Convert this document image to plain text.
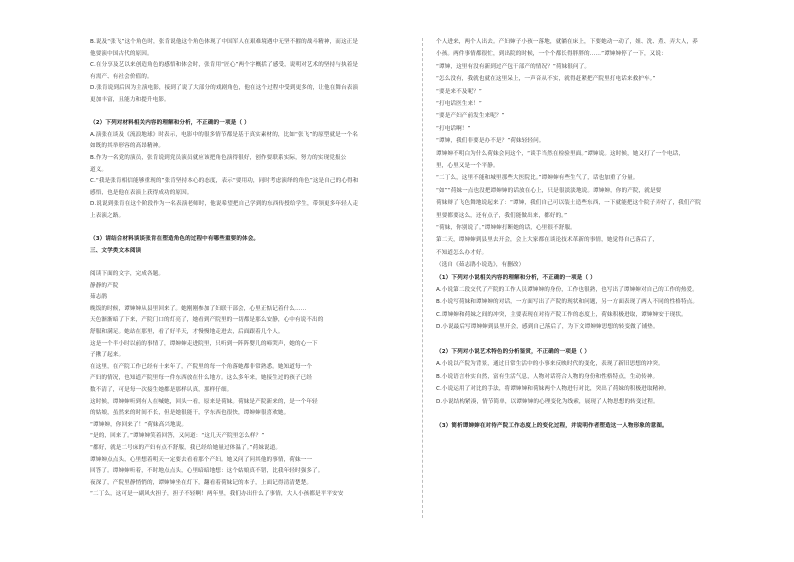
B.说及“张飞”这个角色时，张肯说他这个角色体现了中国军人在艰难境遇中无坚不摧的战斗精神，而这正是
他要演中国古代的原因。
C.在分享及艺以来创造角色的感悟和体会时，张肯用“匠心”两个字概括了感受，说明对艺术的坚持与执着是
有需产、有社会价值的。
D.张肯说到后因为主演电影，接到了说了大部分的戏剧角色，他在这个过程中受到更多的，让他在舞台表演
更加丰富，且能力和提升电影。
（2）下列对材料相关内容的理解和分析，不正确的一项是（ ）
A.演张在谈及《流浪地球》时表示，电影中的很多情节都是基于真实素材的，比如“张飞”的原型就是一个名
如既的其举形容的高昂精神。
B.作为一名党的演员，张肯说到党员演员就应该把角色演得很好，创作要联系实际，努力的实现党报公
道义。
C.“我是张肯相信能够重现的”张肯坚持本心的态度，表示“要用功，同时考虑演绎的角色”这是自己的心得和
感悟，也是他在表演上获得成功的原因。
D.说说到张肯在这个阶段作为一名表演老师时，他说希望把自己学到的东西传授给学生，带领更多年轻人走
上表演之路。
（3）请结合材料谈谈张肯在塑造角色的过程中有哪些重要的体会。
三、文学类文本阅读
阅读下面的文字，完成各题。
静静的产院
茹志鹃
晚饭的时候，谭婶婶从县里回来了。她刚刚参加了妇联干部会，心里正惦记着什么……
天色渐渐暗了下来，产院门口的灯亮了，她看到产院里的一切都是那么安静，心中有说不出的
舒服和满足。她站在那里，看了好半天，才慢慢地走进去，后面跟着几个人。
这是一个半小时以前的事情了，谭婶婶走进院里，只听到一阵阵婴儿的啼哭声，她的心一下
子揪了起来。
在这里，在产院工作已经有十来年了，产院里的每一个角落她都非常熟悉。她知道每一个
产妇的情况，也知道产院里每一件东西放在什么地方。这么多年来，她接生过的孩子已经
数不清了，可是每一次接生她都是那样认真，那样仔细。
这时候，谭婶婶听到有人在喊她，回头一看，原来是荷妹。荷妹是产院新来的，是一个年轻
的姑娘，虽然来的时间不长，但是她很能干，学东西也很快，谭婶婶很喜欢她。
“谭婶婶，你回来了！”荷妹高兴地说。
“是的，回来了。”谭婶婶笑着回答，又问道：“这几天产院里怎么样？”
“都好，就是二号床的产妇有点不舒服，我已经给她量过体温了。”荷妹说道。
谭婶婶点点头，心里想着明天一定要去看看那个产妇。她又问了问其他的事情，荷妹一一
回答了。谭婶婶听着，不时地点点头，心里暗暗地想：这个姑娘真不错，比我年轻时强多了。
夜深了，产院里静悄悄的，谭婶婶坐在灯下，翻看着荷妹记的本子，上面记得清清楚楚。
“二丁么，这可是一副风火担子，担子不轻啊！两年里，我们办出什么了事情，大人小孩都是平平安安
个人进来，两个人出去。产妇婶子小孩一落地，就躺在床上，下要她动一动了，姐、洗、煮、弄大人，养
小孩。两件事情都很忙，到出院的时候，一个个都长得胖胖的……”谭婶婶停了一下，又说：
“谭婶，这里有没有新到过产包干部产的情况？”荷妹很问了。
“怎么没有，我就也就在这里呆上，一声音从不实，就得赶紧把产院里打电话来救护车。”
“要是来不及呢？”
“打电话医生来！”
“要是产妇产前发生来呢？”
“打电话啊！”
“谭婶，我们非要是办不是？”荷妹轻轻问。
谭婶婶不明白为什么荷妹会问这个，“谈手当然在检验里面。”谭婶说。这时候，她又打了一个电话，
里，心里又是一个平静。
“二丁么，这里不能和城里那些大医院比。”谭婶婶有些生气了，话也加重了分量。
“如”“荷妹一点也没把谭婶婶的话放在心上，只是很淡淡地说。谭婶婶，你的产院，就是要
荷妹辩了飞色舞地说起来了：“谭婶，我们自己可以装土造些东西，一下就能把这个院子弄好了，我们产院
里要都要这么，还有点子，我们能做出来，都好的。”
“荷妹，你别说了。”谭婶婶打断她的话，心里很不舒服。
第二天，谭婶婶到县里去开会，会上大家都在谈论技术革新的事情，她觉得自己落后了，
不知道怎么办才好。
（选自《茹志鹃小说选》，有删改）
（1）下列对小说相关内容的理解和分析，不正确的一项是（ ）
A.小说第二段交代了产院的工作人员谭婶婶的身份，工作也很熟，也写出了谭婶婶对自己的工作的热爱。
B.小说写荷妹和谭婶婶的对话，一方面写出了产院的现状和问题，另一方面表现了两人不同的性格特点。
C.谭婶婶和荷妹之间的冲突，主要表现在对待产院工作的态度上，荷妹积极进取，谭婶婶安于现状。
D.小说最后写谭婶婶到县里开会，感到自己落后了，为下文谭婶婶思想的转变做了铺垫。
（2）下列对小说艺术特色的分析鉴赏，不正确的一项是（ ）
A.小说以产院为背景，通过日常生活中的小事来反映时代的变化，表现了新旧思想的冲突。
B.小说语言朴实自然，富有生活气息，人物对话符合人物的身份和性格特点，生动传神。
C.小说运用了对比的手法，将谭婶婶和荷妹两个人物进行对比，突出了荷妹的积极进取精神。
D.小说结构紧凑，情节简单，以谭婶婶的心理变化为线索，展现了人物思想的转变过程。
（3）简析谭婶婶在对待产院工作态度上的变化过程，并说明作者塑造这一人物形象的意图。
